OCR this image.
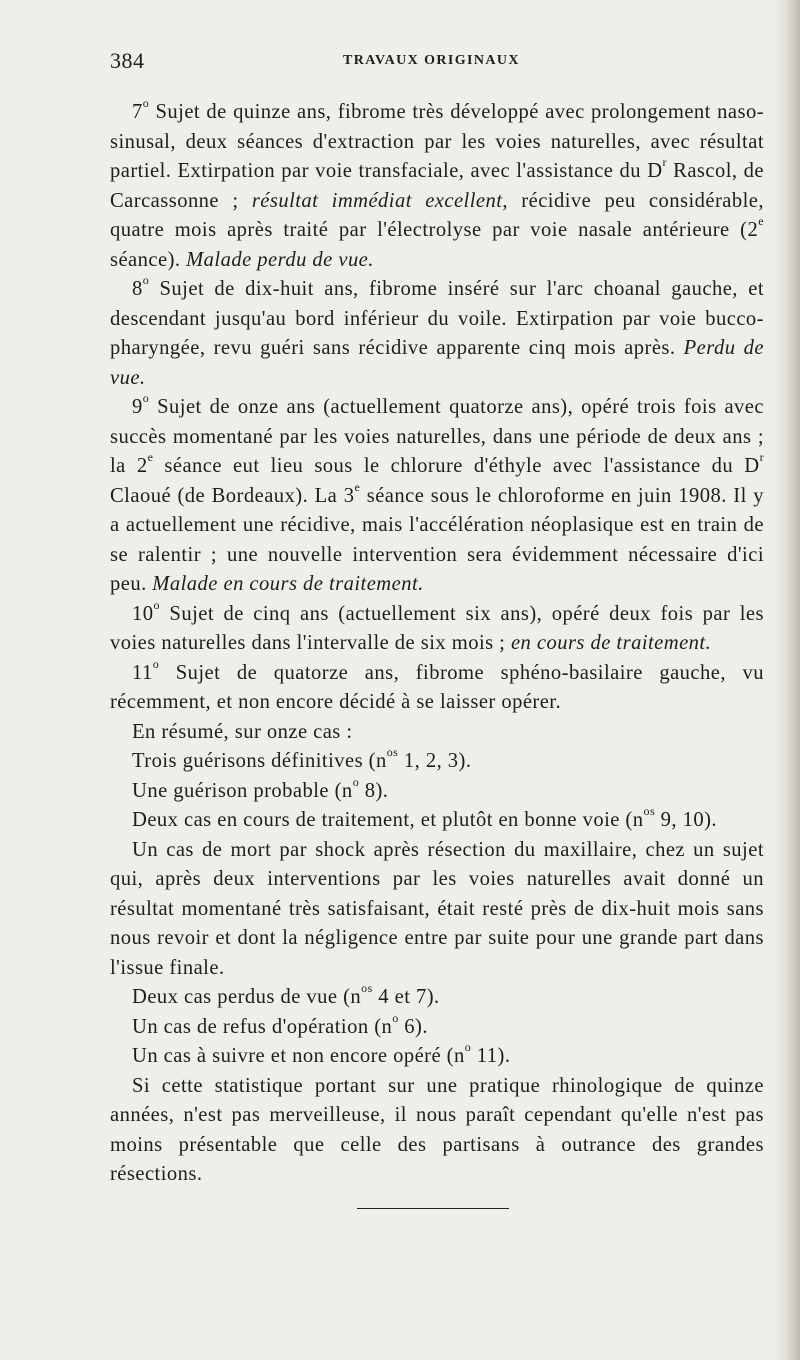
384	TRAVAUX ORIGINAUX

7$^o$ Sujet de quinze ans, fibrome très développé avec prolongement naso-sinusal, deux séances d'extraction par les voies naturelles, avec résultat partiel. Extirpation par voie transfaciale, avec l'assistance du $D^r$ Rascol, de Carcassonne ; résultat immédiat excellent, récidive peu considérable, quatre mois après traité par l'électrolyse par voie nasale antérieure (2e séance). Malade perdu de vue.

8$^o$ Sujet de dix-huit ans, fibrome inséré sur l'arc choanal gauche, et descendant jusqu'au bord inférieur du voile. Extirpation par voie bucco-pharyngée, revu guéri sans récidive apparente cinq mois après. Perdu de vue.

9$^o$ Sujet de onze ans (actuellement quatorze ans), opéré trois fois avec succès momentané par les voies naturelles, dans une période de deux ans ; la 2e séance eut lieu sous le chlorure d'éthyle avec l'assistance du $D^r$ Claoué (de Bordeaux). La 3e séance sous le chloroforme en juin 1908. Il y a actuellement une récidive, mais l'accélération néoplasique est en train de se ralentir ; une nouvelle intervention sera évidemment nécessaire d'ici peu. Malade en cours de traitement.

10$^o$ Sujet de cinq ans (actuellement six ans), opéré deux fois par les voies naturelles dans l'intervalle de six mois ; en cours de traitement.

11$^o$ Sujet de quatorze ans, fibrome sphéno-basilaire gauche, vu récemment, et non encore décidé à se laisser opérer.

En résumé, sur onze cas :

Trois guérisons définitives ($n^{os}$ 1, 2, 3).

Une guérison probable ($n^o$ 8).

Deux cas en cours de traitement, et plutôt en bonne voie ($n^{os}$ 9, 10).

Un cas de mort par shock après résection du maxillaire, chez un sujet qui, après deux interventions par les voies naturelles avait donné un résultat momentané très satisfaisant, était resté près de dix-huit mois sans nous revoir et dont la négligence entre par suite pour une grande part dans l'issue finale.

Deux cas perdus de vue ($n^{os}$ 4 et 7).

Un cas de refus d'opération ($n^o$ 6).

Un cas à suivre et non encore opéré ($n^o$ 11).

Si cette statistique portant sur une pratique rhinologique de quinze années, n'est pas merveilleuse, il nous paraît cependant qu'elle n'est pas moins présentable que celle des partisans à outrance des grandes résections.
